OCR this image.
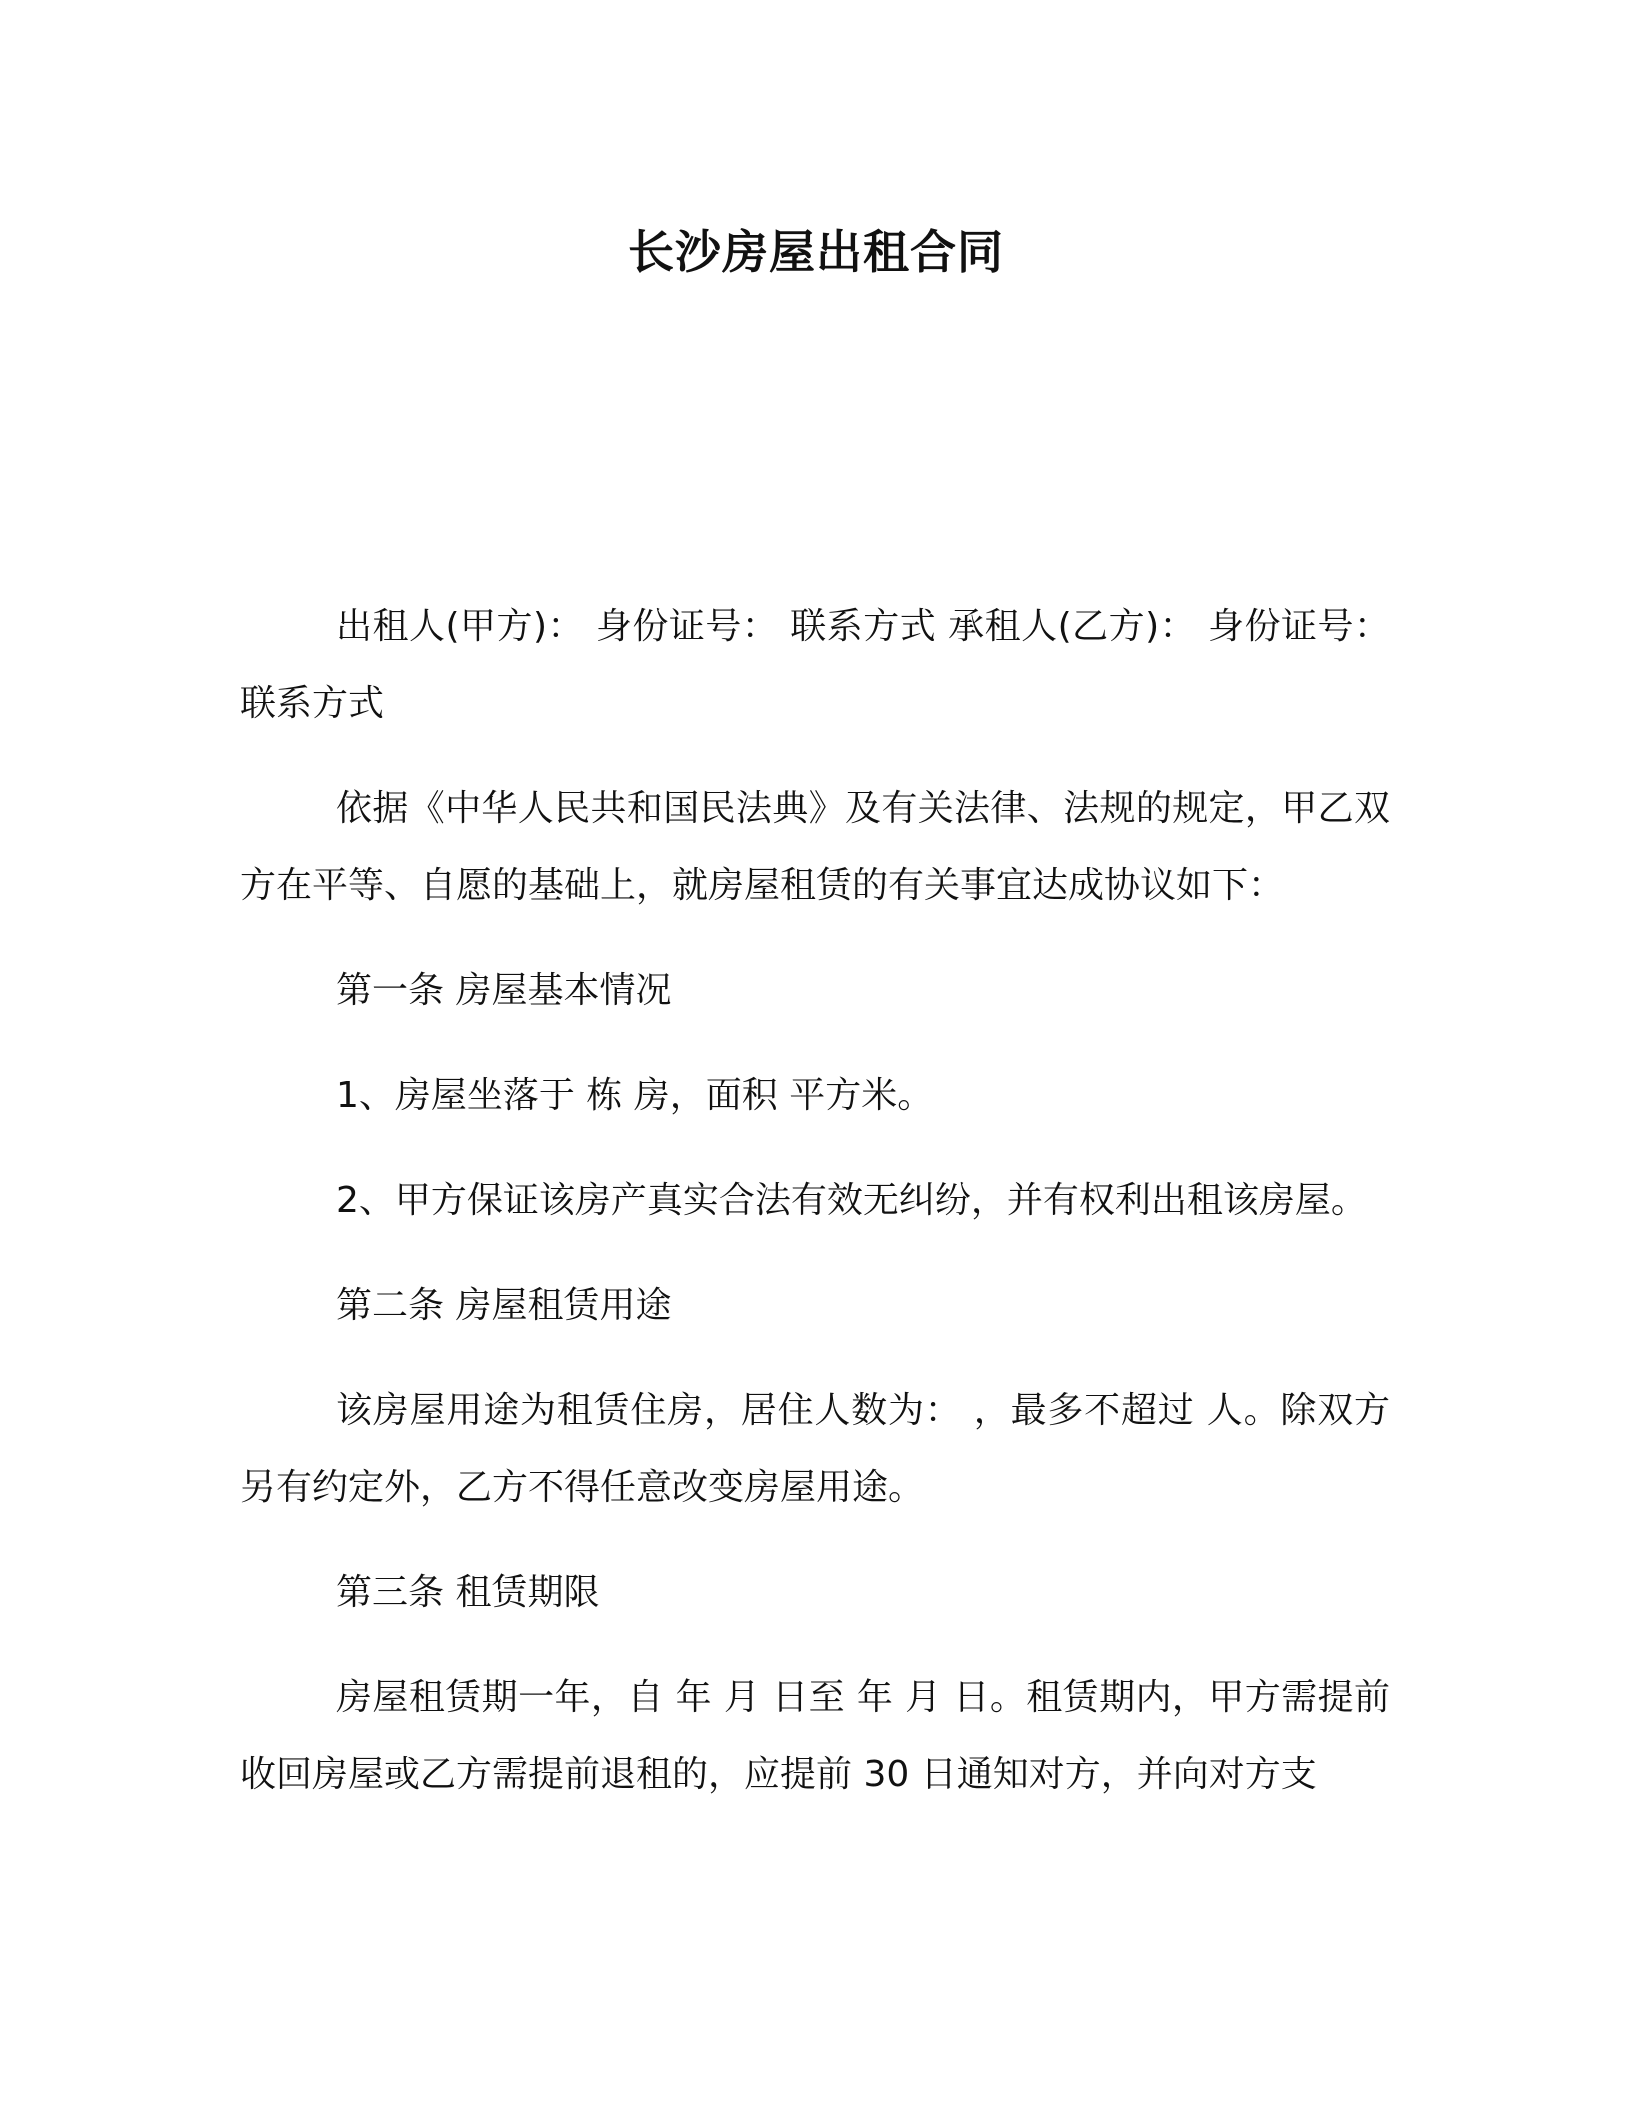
长沙房屋出租合同

出租人(甲方)： 身份证号： 联系方式 承租人(乙方)： 身份证号： 联系方式

依据《中华人民共和国民法典》及有关法律、法规的规定，甲乙双方在平等、自愿的基础上，就房屋租赁的有关事宜达成协议如下：

第一条 房屋基本情况

1、房屋坐落于 栋 房，面积 平方米。

2、甲方保证该房产真实合法有效无纠纷，并有权利出租该房屋。

第二条 房屋租赁用途

该房屋用途为租赁住房，居住人数为： ，最多不超过 人。除双方另有约定外，乙方不得任意改变房屋用途。

第三条 租赁期限

房屋租赁期一年，自 年 月 日至 年 月 日。租赁期内，甲方需提前收回房屋或乙方需提前退租的，应提前 30 日通知对方，并向对方支
